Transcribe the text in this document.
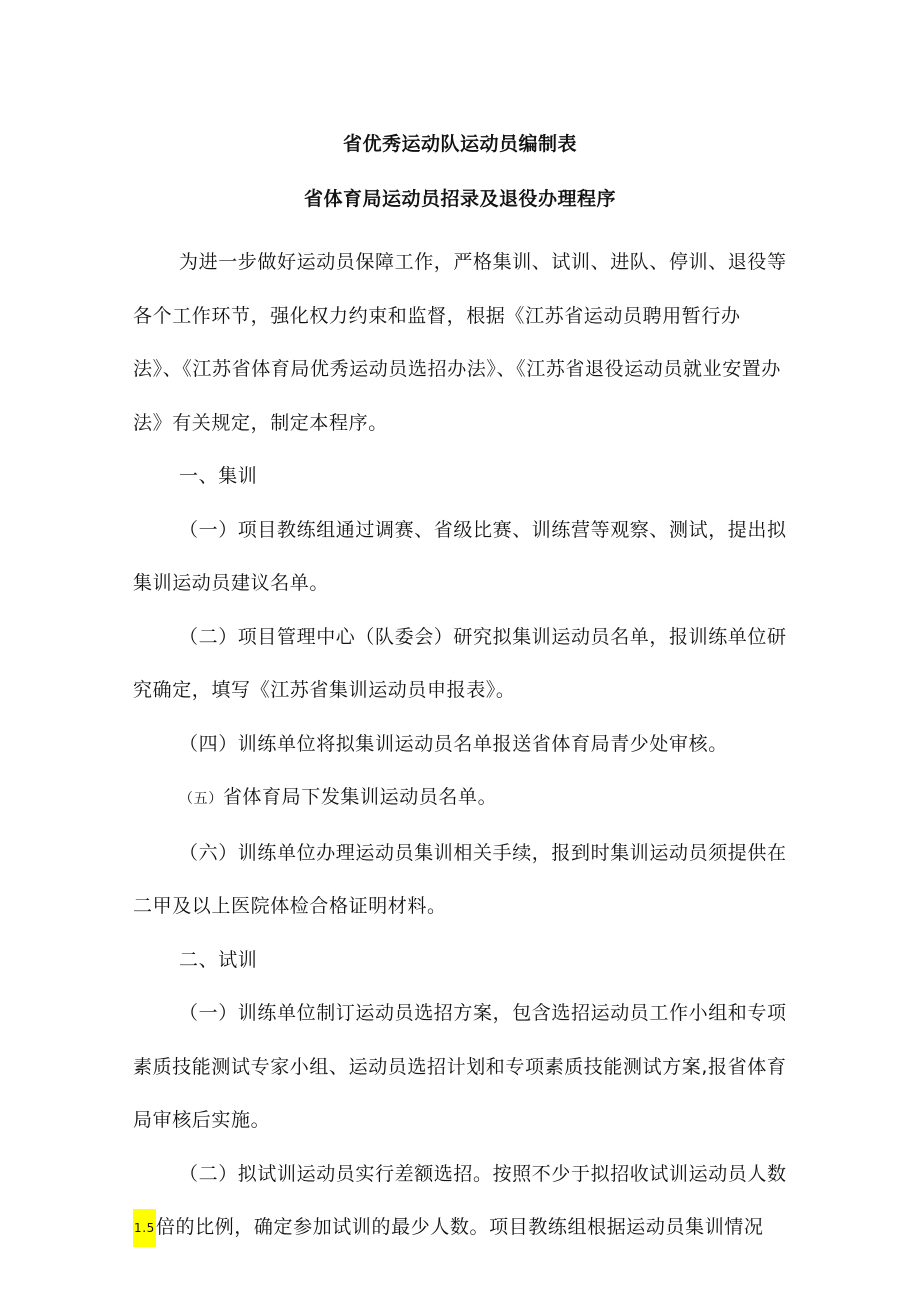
省优秀运动队运动员编制表
省体育局运动员招录及退役办理程序

为进一步做好运动员保障工作，严格集训、试训、进队、停训、退役等各个工作环节，强化权力约束和监督，根据《江苏省运动员聘用暂行办法》、《江苏省体育局优秀运动员选招办法》、《江苏省退役运动员就业安置办法》有关规定，制定本程序。

一、集训

（一）项目教练组通过调赛、省级比赛、训练营等观察、测试，提出拟集训运动员建议名单。

（二）项目管理中心（队委会）研究拟集训运动员名单，报训练单位研究确定，填写《江苏省集训运动员申报表》。

（四）训练单位将拟集训运动员名单报送省体育局青少处审核。

（五）省体育局下发集训运动员名单。

（六）训练单位办理运动员集训相关手续，报到时集训运动员须提供在二甲及以上医院体检合格证明材料。

二、试训

（一）训练单位制订运动员选招方案，包含选招运动员工作小组和专项素质技能测试专家小组、运动员选招计划和专项素质技能测试方案,报省体育局审核后实施。

（二）拟试训运动员实行差额选招。按照不少于拟招收试训运动员人数1.5倍的比例，确定参加试训的最少人数。项目教练组根据运动员集训情况
